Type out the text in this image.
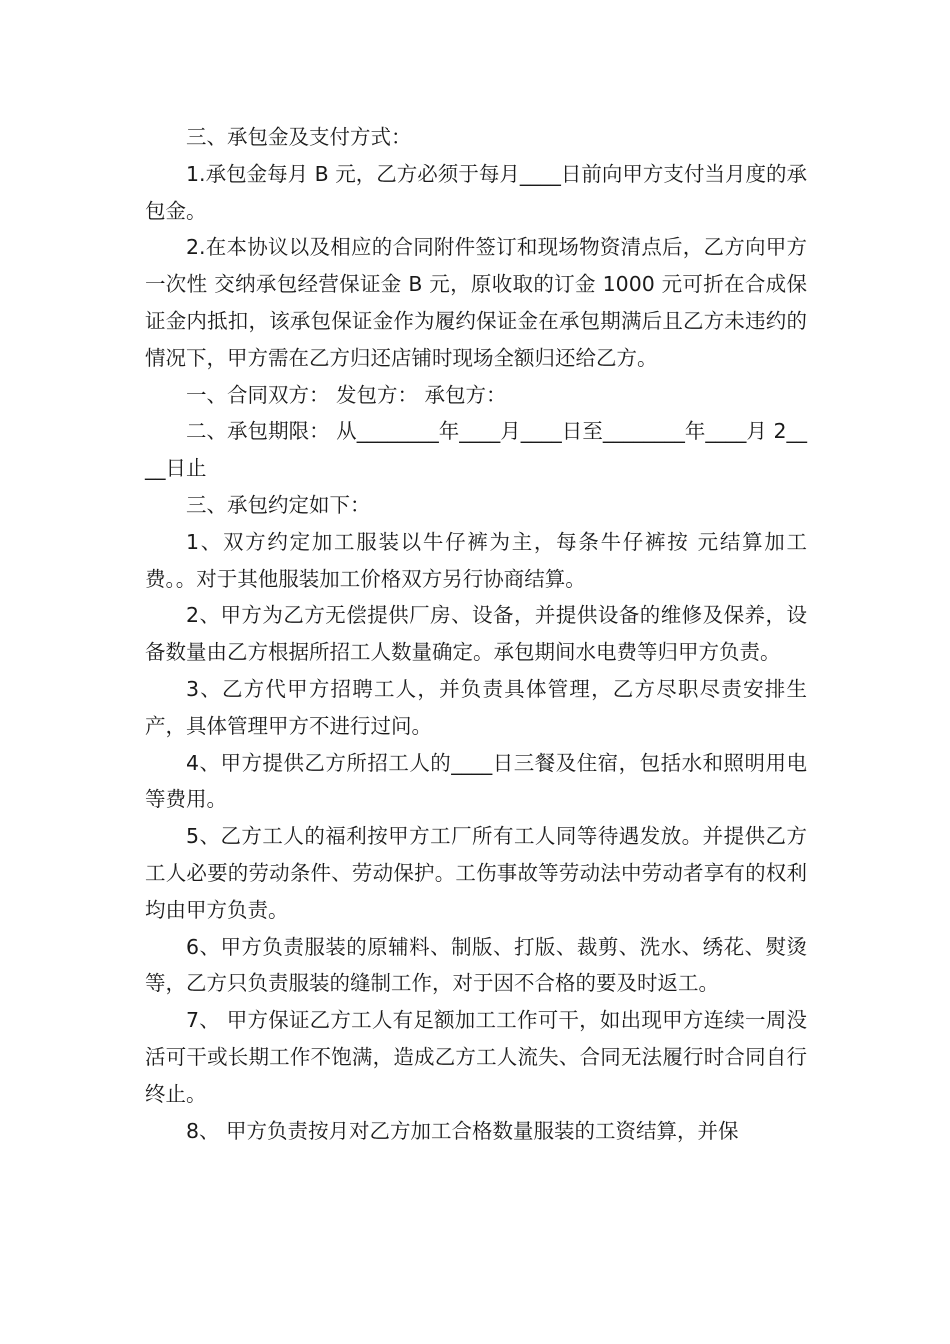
三、承包金及支付方式：

1.承包金每月 B 元，乙方必须于每月____日前向甲方支付当月度的承包金。

2.在本协议以及相应的合同附件签订和现场物资清点后，乙方向甲方一次性 交纳承包经营保证金 B 元，原收取的订金 1000 元可折在合成保证金内抵扣，该承包保证金作为履约保证金在承包期满后且乙方未违约的情况下，甲方需在乙方归还店铺时现场全额归还给乙方。

一、合同双方： 发包方： 承包方：

二、承包期限： 从________年____月____日至________年____月 2____日止

三、承包约定如下：

1、双方约定加工服装以牛仔裤为主，每条牛仔裤按 元结算加工费。。对于其他服装加工价格双方另行协商结算。

2、甲方为乙方无偿提供厂房、设备，并提供设备的维修及保养，设备数量由乙方根据所招工人数量确定。承包期间水电费等归甲方负责。

3、乙方代甲方招聘工人，并负责具体管理，乙方尽职尽责安排生产，具体管理甲方不进行过问。

4、甲方提供乙方所招工人的____日三餐及住宿，包括水和照明用电等费用。

5、乙方工人的福利按甲方工厂所有工人同等待遇发放。并提供乙方工人必要的劳动条件、劳动保护。工伤事故等劳动法中劳动者享有的权利均由甲方负责。

6、甲方负责服装的原辅料、制版、打版、裁剪、洗水、绣花、熨烫等，乙方只负责服装的缝制工作，对于因不合格的要及时返工。

7、 甲方保证乙方工人有足额加工工作可干，如出现甲方连续一周没活可干或长期工作不饱满，造成乙方工人流失、合同无法履行时合同自行终止。

8、 甲方负责按月对乙方加工合格数量服装的工资结算，并保
